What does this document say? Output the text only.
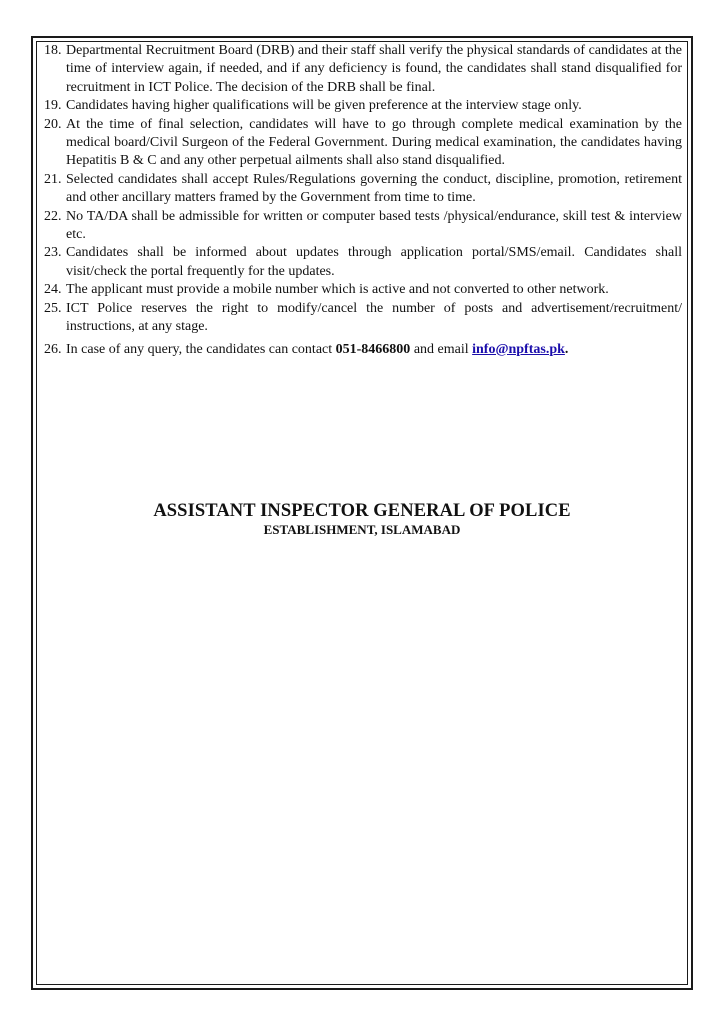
18. Departmental Recruitment Board (DRB) and their staff shall verify the physical standards of candidates at the time of interview again, if needed, and if any deficiency is found, the candidates shall stand disqualified for recruitment in ICT Police. The decision of the DRB shall be final.
19. Candidates having higher qualifications will be given preference at the interview stage only.
20. At the time of final selection, candidates will have to go through complete medical examination by the medical board/Civil Surgeon of the Federal Government. During medical examination, the candidates having Hepatitis B & C and any other perpetual ailments shall also stand disqualified.
21. Selected candidates shall accept Rules/Regulations governing the conduct, discipline, promotion, retirement and other ancillary matters framed by the Government from time to time.
22. No TA/DA shall be admissible for written or computer based tests /physical/endurance, skill test & interview etc.
23. Candidates shall be informed about updates through application portal/SMS/email. Candidates shall visit/check the portal frequently for the updates.
24. The applicant must provide a mobile number which is active and not converted to other network.
25. ICT Police reserves the right to modify/cancel the number of posts and advertisement/recruitment/ instructions, at any stage.
26. In case of any query, the candidates can contact 051-8466800 and email info@npftas.pk.
ASSISTANT INSPECTOR GENERAL OF POLICE
ESTABLISHMENT, ISLAMABAD
